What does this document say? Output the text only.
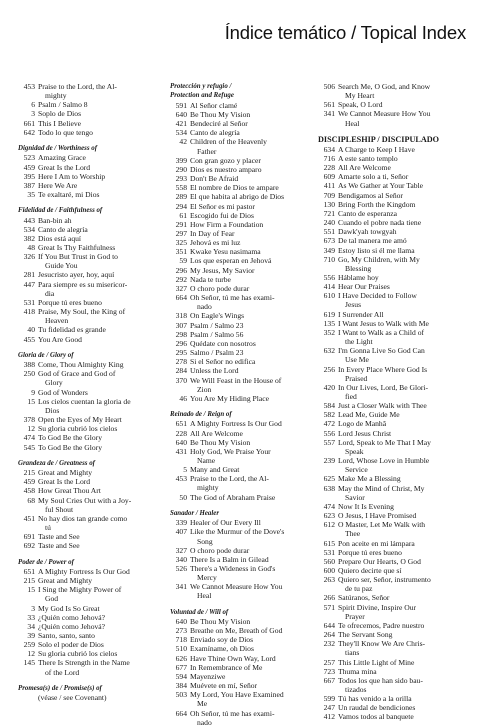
Índice temático / Topical Index
453 Praise to the Lord, the Al-
mighty
6 Psalm / Salmo 8
3 Soplo de Dios
661 This I Believe
642 Todo lo que tengo
Dignidad de / Worthiness of
523 Amazing Grace
459 Great Is the Lord
395 Here I Am to Worship
387 Here We Are
35 Te exaltaré, mi Dios
Fidelidad de / Faithfulness of
443 Ban-bin ah
534 Canto de alegría
382 Dios está aquí
48 Great Is Thy Faithfulness
326 If You But Trust in God to
Guide You
281 Jesucristo ayer, hoy, aquí
447 Para siempre es su misericor-
dia
531 Porque tú eres bueno
418 Praise, My Soul, the King of
Heaven
40 Tu fidelidad es grande
455 You Are Good
Gloria de / Glory of
388 Come, Thou Almighty King
250 God of Grace and God of
Glory
9 God of Wonders
15 Los cielos cuentan la gloria de
Dios
378 Open the Eyes of My Heart
12 Su gloria cubrió los cielos
474 To God Be the Glory
545 To God Be the Glory
Grandeza de / Greatness of
215 Great and Mighty
459 Great Is the Lord
458 How Great Thou Art
68 My Soul Cries Out with a Joy-
ful Shout
451 No hay dios tan grande como
tú
691 Taste and See
692 Taste and See
Poder de / Power of
651 A Mighty Fortress Is Our God
215 Great and Mighty
15 I Sing the Mighty Power of
God
3 My God Is So Great
33 ¿Quién como Jehová?
34 ¿Quién como Jehová?
39 Santo, santo, santo
259 Solo el poder de Dios
12 Su gloria cubrió los cielos
145 There Is Strength in the Name
of the Lord
Promesa(s) de / Promise(s) of
(véase / see Covenant)
Protección y refugio /
Protection and Refuge
591 Al Señor clamé
640 Be Thou My Vision
421 Bendeciré al Señor
534 Canto de alegría
42 Children of the Heavenly
Father
399 Con gran gozo y placer
290 Dios es nuestro amparo
293 Don't Be Afraid
558 El nombre de Dios te ampare
289 El que habita al abrigo de Dios
294 El Señor es mi pastor
61 Escogido fui de Dios
291 How Firm a Foundation
297 In Day of Fear
325 Jehová es mi luz
351 Kwake Yesu nasimama
59 Los que esperan en Jehová
296 My Jesus, My Savior
292 Nada te turbe
327 O choro pode durar
664 Oh Señor, tú me has exami-
nado
318 On Eagle's Wings
307 Psalm / Salmo 23
298 Psalm / Salmo 56
296 Quédate con nosotros
295 Salmo / Psalm 23
278 Si el Señor no edifica
284 Unless the Lord
370 We Will Feast in the House of
Zion
46 You Are My Hiding Place
Reinado de / Reign of
651 A Mighty Fortress Is Our God
228 All Are Welcome
640 Be Thou My Vision
431 Holy God, We Praise Your
Name
5 Many and Great
453 Praise to the Lord, the Al-
mighty
50 The God of Abraham Praise
Sanador / Healer
339 Healer of Our Every Ill
407 Like the Murmur of the Dove's
Song
327 O choro pode durar
340 There Is a Balm in Gilead
526 There's a Wideness in God's
Mercy
341 We Cannot Measure How You
Heal
Voluntad de / Will of
640 Be Thou My Vision
273 Breathe on Me, Breath of God
718 Enviado soy de Dios
510 Examíname, oh Dios
626 Have Thine Own Way, Lord
677 In Remembrance of Me
594 Mayenziwe
384 Muévete en mí, Señor
503 My Lord, You Have Examined
Me
664 Oh Señor, tú me has exami-
nado
506 Search Me, O God, and Know
My Heart
561 Speak, O Lord
341 We Cannot Measure How You
Heal
DISCIPLESHIP / DISCIPULADO
634 A Charge to Keep I Have
716 A este santo templo
228 All Are Welcome
609 Amarte solo a ti, Señor
411 As We Gather at Your Table
709 Bendigamos al Señor
130 Bring Forth the Kingdom
721 Canto de esperanza
240 Cuando el pobre nada tiene
551 Dawk'yah towgyah
673 De tal manera me amó
349 Estoy listo si él me llama
710 Go, My Children, with My
Blessing
556 Háblame hoy
414 Hear Our Praises
610 I Have Decided to Follow
Jesus
619 I Surrender All
135 I Want Jesus to Walk with Me
352 I Want to Walk as a Child of
the Light
632 I'm Gonna Live So God Can
Use Me
256 In Every Place Where God Is
Praised
420 In Our Lives, Lord, Be Glori-
fied
584 Just a Closer Walk with Thee
582 Lead Me, Guide Me
472 Logo de Manhã
556 Lord Jesus Christ
557 Lord, Speak to Me That I May
Speak
239 Lord, Whose Love in Humble
Service
625 Make Me a Blessing
638 May the Mind of Christ, My
Savior
474 Now It Is Evening
623 O Jesus, I Have Promised
612 O Master, Let Me Walk with
Thee
615 Pon aceite en mi lámpara
531 Porque tú eres bueno
560 Prepare Our Hearts, O God
600 Quiero decirte que sí
263 Quiero ser, Señor, instrumento
de tu paz
266 Satúranos, Señor
571 Spirit Divine, Inspire Our
Prayer
644 Te ofrecemos, Padre nuestro
264 The Servant Song
232 They'll Know We Are Chris-
tians
257 This Little Light of Mine
723 Thuma mina
667 Todos los que han sido bau-
tizados
599 Tú has venido a la orilla
247 Un raudal de bendiciones
412 Vamos todos al banquete
